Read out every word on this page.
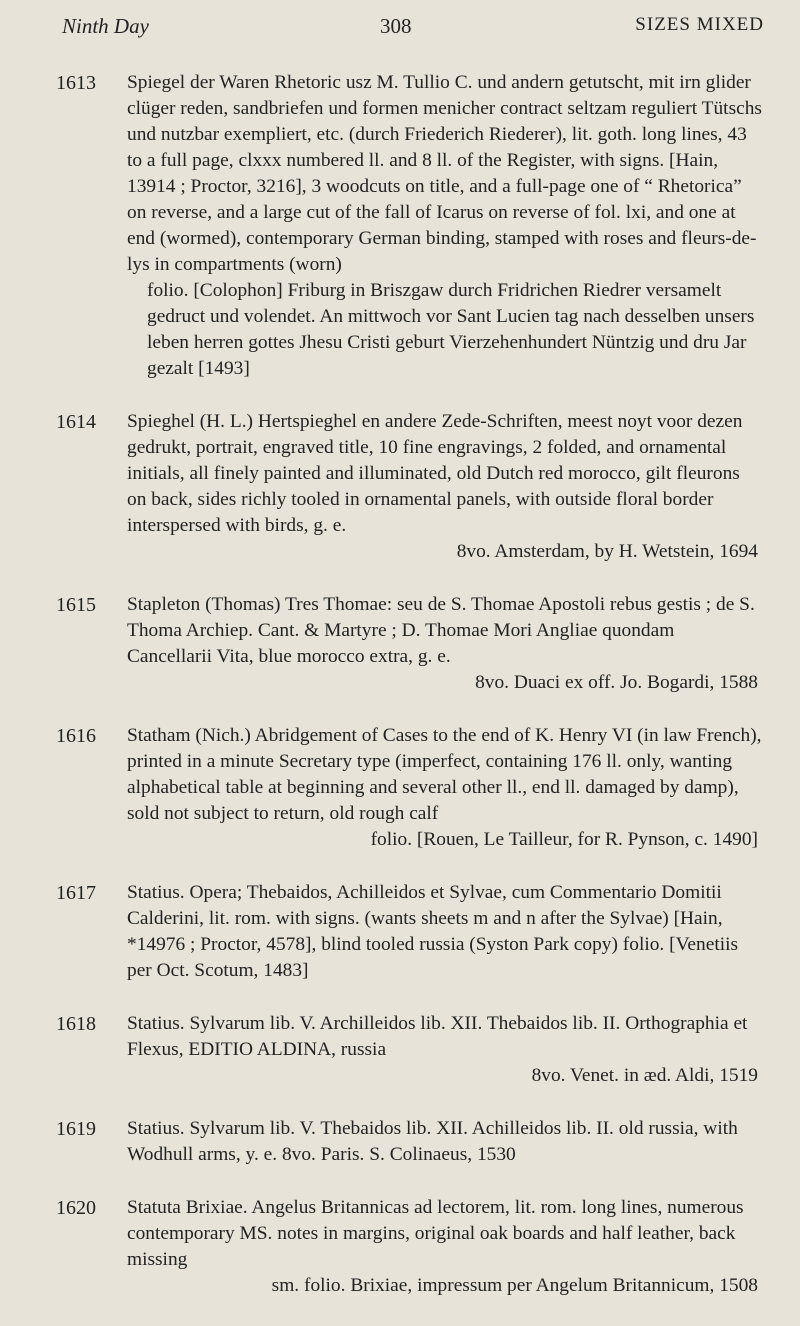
Ninth Day	308	SIZES MIXED
1613	Spiegel der Waren Rhetoric usz M. Tullio C. und andern getutscht, mit irn glider clüger reden, sandbriefen und formen menicher contract seltzam reguliert Tütschs und nutzbar exempliert, etc. (durch Friederich Riederer), lit. goth. long lines, 43 to a full page, clxxx numbered ll. and 8 ll. of the Register, with signs. [Hain, 13914 ; Proctor, 3216], 3 woodcuts on title, and a full-page one of “ Rhetorica” on reverse, and a large cut of the fall of Icarus on reverse of fol. lxi, and one at end (wormed), contemporary German binding, stamped with roses and fleurs-de-lys in compartments (worn)

folio. [Colophon] Friburg in Briszgaw durch Fridrichen Riedrer versamelt gedruct und volendet. An mittwoch vor Sant Lucien tag nach desselben unsers leben herren gottes Jhesu Cristi geburt Vierzehenhundert Nüntzig und dru Jar gezalt [1493]

1614	Spieghel (H. L.) Hertspieghel en andere Zede-Schriften, meest noyt voor dezen gedrukt, portrait, engraved title, 10 fine engravings, 2 folded, and ornamental initials, all finely painted and illuminated, old Dutch red morocco, gilt fleurons on back, sides richly tooled in ornamental panels, with outside floral border interspersed with birds, g. e.

8vo. Amsterdam, by H. Wetstein, 1694

1615	Stapleton (Thomas) Tres Thomae: seu de S. Thomae Apostoli rebus gestis ; de S. Thoma Archiep. Cant. & Martyre ; D. Thomae Mori Angliae quondam Cancellarii Vita, blue morocco extra, g. e.

8vo. Duaci ex off. Jo. Bogardi, 1588

1616	Statham (Nich.) Abridgement of Cases to the end of K. Henry VI (in law French), printed in a minute Secretary type (imperfect, containing 176 ll. only, wanting alphabetical table at beginning and several other ll., end ll. damaged by damp), sold not subject to return, old rough calf

folio. [Rouen, Le Tailleur, for R. Pynson, c. 1490]

1617	Statius. Opera; Thebaidos, Achilleidos et Sylvae, cum Commentario Domitii Calderini, lit. rom. with signs. (wants sheets m and n after the Sylvae) [Hain, *14976 ; Proctor, 4578], blind tooled russia (Syston Park copy) folio. [Venetiis per Oct. Scotum, 1483]

1618	Statius. Sylvarum lib. V. Archilleidos lib. XII. Thebaidos lib. II. Orthographia et Flexus, EDITIO ALDINA, russia

8vo. Venet. in æd. Aldi, 1519

1619	Statius. Sylvarum lib. V. Thebaidos lib. XII. Achilleidos lib. II. old russia, with Wodhull arms, y. e. 8vo. Paris. S. Colinaeus, 1530

1620	Statuta Brixiae. Angelus Britannicas ad lectorem, lit. rom. long lines, numerous contemporary MS. notes in margins, original oak boards and half leather, back missing

sm. folio. Brixiae, impressum per Angelum Britannicum, 1508
